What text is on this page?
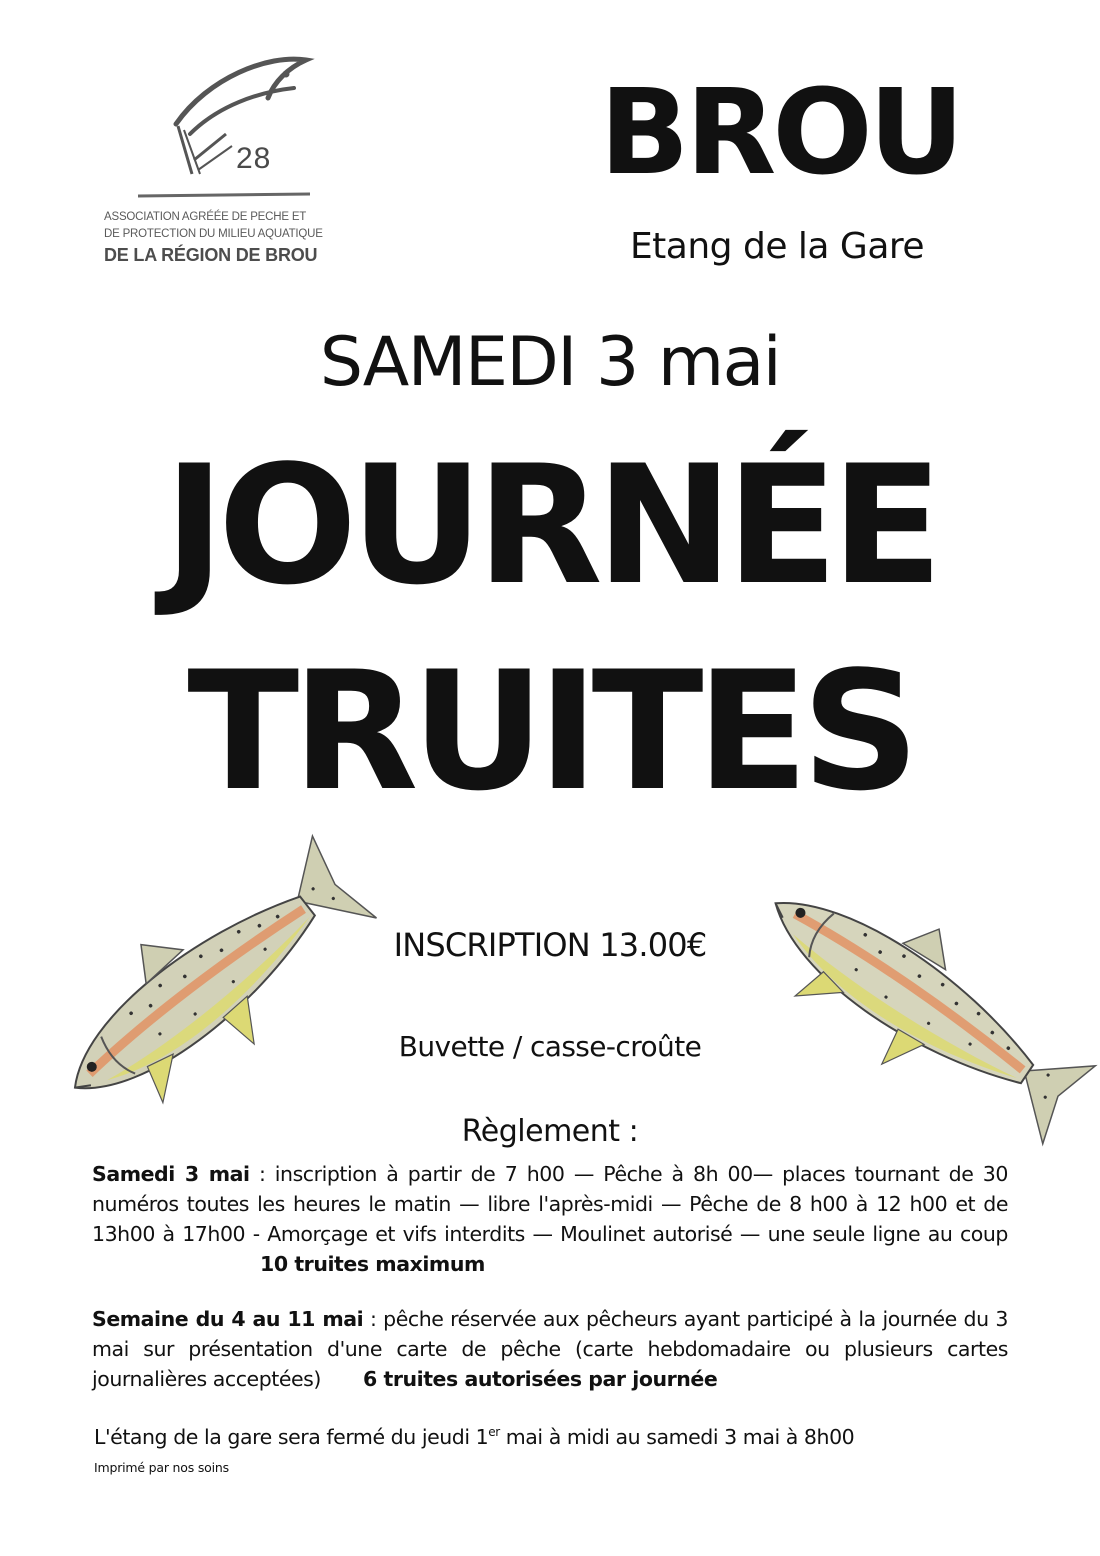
28
ASSOCIATION AGRÉÉE DE PECHE ET
DE PROTECTION DU MILIEU AQUATIQUE
DE LA RÉGION DE BROU
BROU
Etang de la Gare
SAMEDI 3 mai
JOURNÉE
TRUITES
INSCRIPTION 13.00€
Buvette / casse-croûte
Règlement :
Samedi 3 mai : inscription à partir de 7 h00 — Pêche à 8h 00— places tournant de 30 numéros toutes les heures le matin — libre l'après-midi — Pêche de 8 h00 à 12 h00 et de 13h00 à 17h00 - Amorçage et vifs interdits — Moulinet autorisé — une seule ligne au coup10 truites maximum
Semaine du 4 au 11 mai : pêche réservée aux pêcheurs ayant participé à la journée du 3 mai sur présentation d'une carte de pêche (carte hebdomadaire ou plusieurs cartes journalières acceptées) 6 truites autorisées par journée
L'étang de la gare sera fermé du jeudi 1er mai à midi au samedi 3 mai à 8h00
Imprimé par nos soins
